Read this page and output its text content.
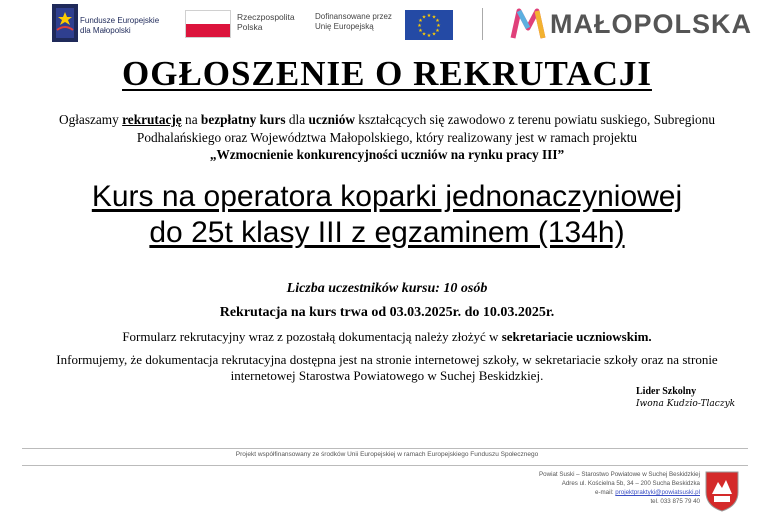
Fundusze Europejskie
dla Małopolski
Rzeczpospolita
Polska
Dofinansowane przez
Unię Europejską
★ ★
★
★
★
★
★
★
★
★
★
★	MAŁOPOLSKA
OGŁOSZENIE O REKRUTACJI
Ogłaszamy rekrutację na bezpłatny kurs dla uczniów kształcących się zawodowo z terenu powiatu suskiego, Subregionu Podhalańskiego oraz Województwa Małopolskiego, który realizowany jest w ramach projektu
„Wzmocnienie konkurencyjności uczniów na rynku pracy III”
Kurs na operatora koparki jednonaczyniowej
do 25t klasy III z egzaminem (134h)
Liczba uczestników kursu: 10 osób
Rekrutacja na kurs trwa od 03.03.2025r. do 10.03.2025r.
Formularz rekrutacyjny wraz z pozostałą dokumentacją należy złożyć w sekretariacie uczniowskim.
Informujemy, że dokumentacja rekrutacyjna dostępna jest na stronie internetowej szkoły, w sekretariacie szkoły oraz na stronie internetowej Starostwa Powiatowego w Suchej Beskidzkiej.
Lider Szkolny
Iwona Kudzio-Tlaczyk
Projekt współfinansowany ze środków Unii Europejskiej w ramach Europejskiego Funduszu Społecznego
Powiat Suski – Starostwo Powiatowe w Suchej Beskidzkiej
Adres ul. Kościelna 5b, 34 – 200 Sucha Beskidzka
e-mail: projektpraktyki@powiatsuski.pl
tel. 033 875 79 40
